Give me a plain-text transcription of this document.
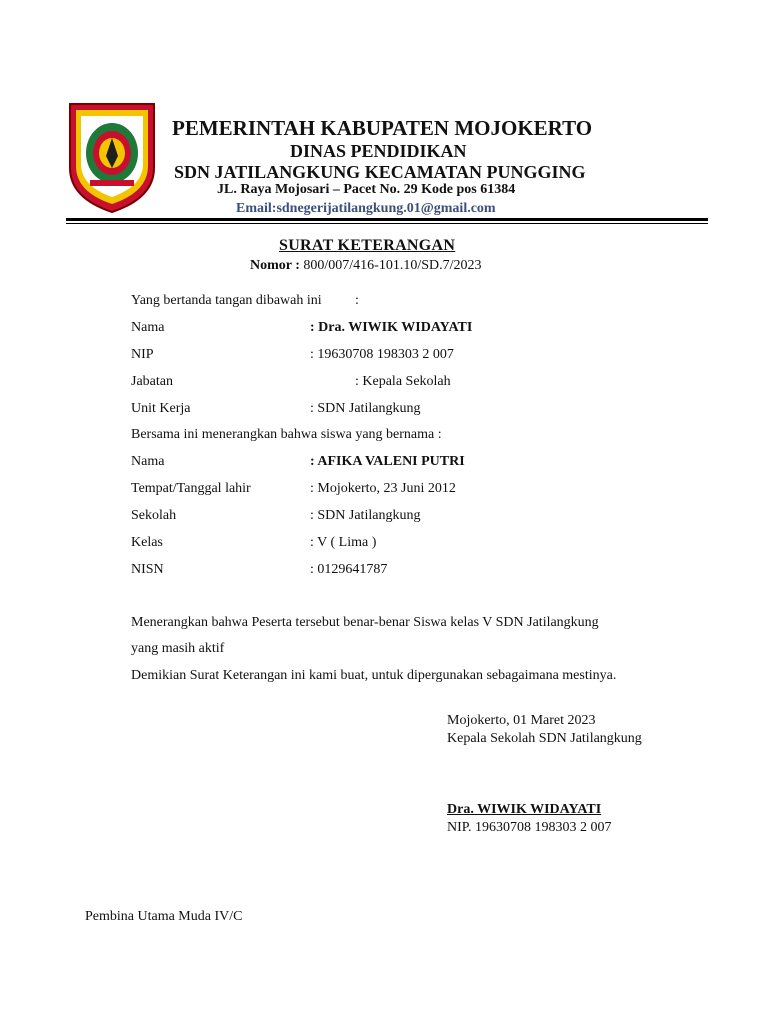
PEMERINTAH KABUPATEN MOJOKERTO
DINAS PENDIDIKAN
SDN JATILANGKUNG KECAMATAN PUNGGING
JL. Raya Mojosari – Pacet No. 29 Kode pos 61384
Email:sdnegerijatilangkung.01@gmail.com
SURAT KETERANGAN
Nomor : 800/007/416-101.10/SD.7/2023
Yang bertanda tangan dibawah ini :
Nama	: Dra. WIWIK WIDAYATI
NIP	: 19630708 198303 2 007
Jabatan	: Kepala Sekolah
Unit Kerja	: SDN Jatilangkung
Bersama ini menerangkan bahwa siswa yang bernama :
Nama	: AFIKA VALENI PUTRI
Tempat/Tanggal lahir	: Mojokerto, 23 Juni 2012
Sekolah	: SDN Jatilangkung
Kelas	: V ( Lima )
NISN	: 0129641787
Menerangkan bahwa Peserta tersebut benar-benar Siswa kelas V SDN Jatilangkung
yang masih aktif
Demikian Surat Keterangan ini kami buat, untuk dipergunakan sebagaimana mestinya.
Mojokerto, 01 Maret 2023
Kepala Sekolah SDN Jatilangkung
Dra. WIWIK WIDAYATI
NIP. 19630708 198303 2 007
Pembina Utama Muda IV/C
